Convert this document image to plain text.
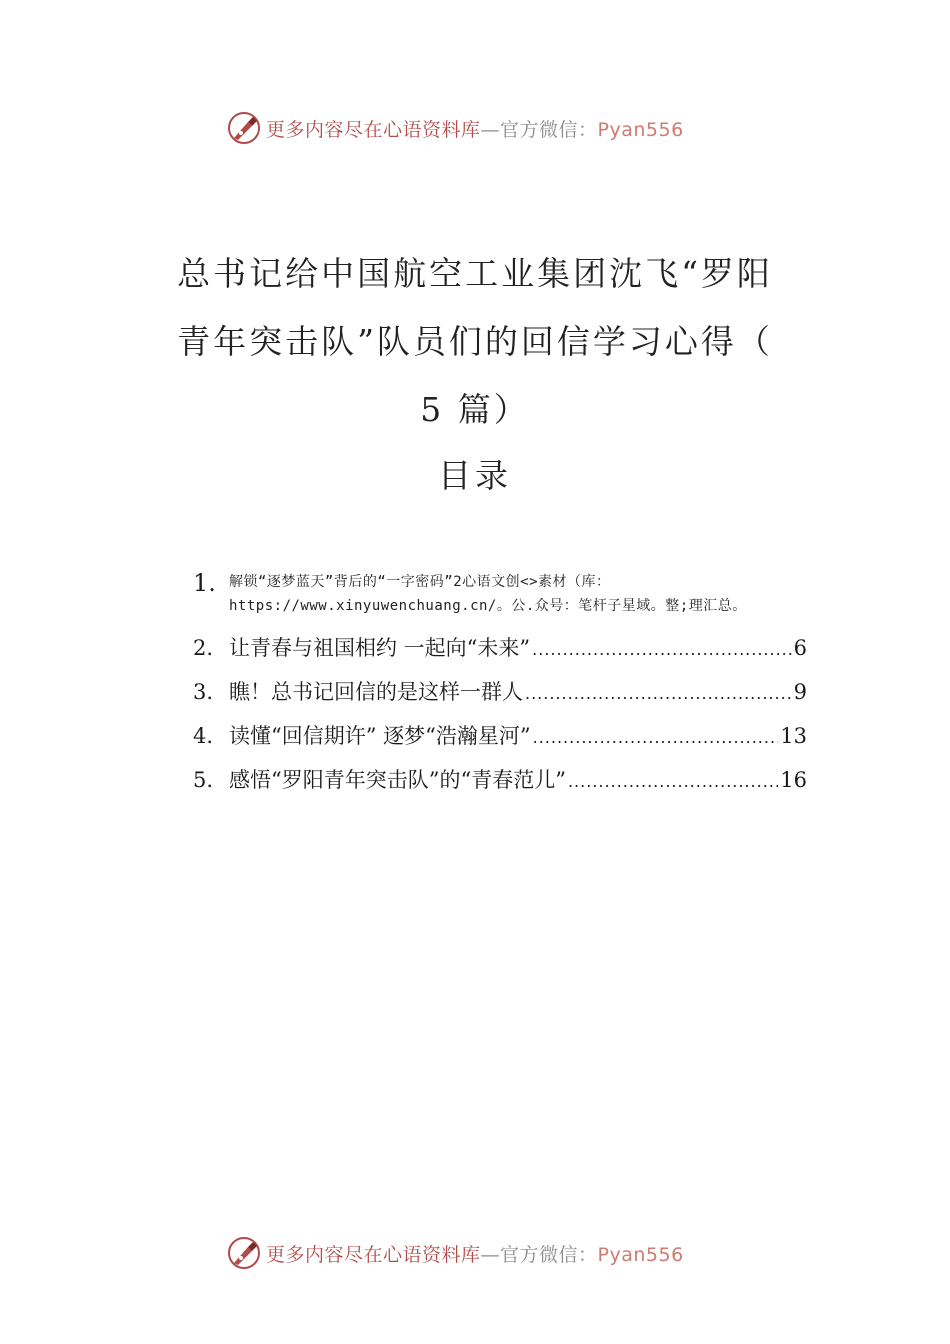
更多内容尽在心语资料库—官方微信：Pyan556
总书记给中国航空工业集团沈飞“罗阳
青年突击队”队员们的回信学习心得（
5 篇）
目录
1. 解锁“逐梦蓝天”背后的“一字密码”2心语文创<>素材（库：
https://www.xinyuwenchuang.cn/。公.众号：笔杆子星域。整;理汇总。
2. 让青春与祖国相约 一起向“未来” .....	6
3. 瞧！总书记回信的是这样一群人 .....	9
4. 读懂“回信期许” 逐梦“浩瀚星河” .....	13
5. 感悟“罗阳青年突击队”的“青春范儿” .....	16
更多内容尽在心语资料库—官方微信：Pyan556
